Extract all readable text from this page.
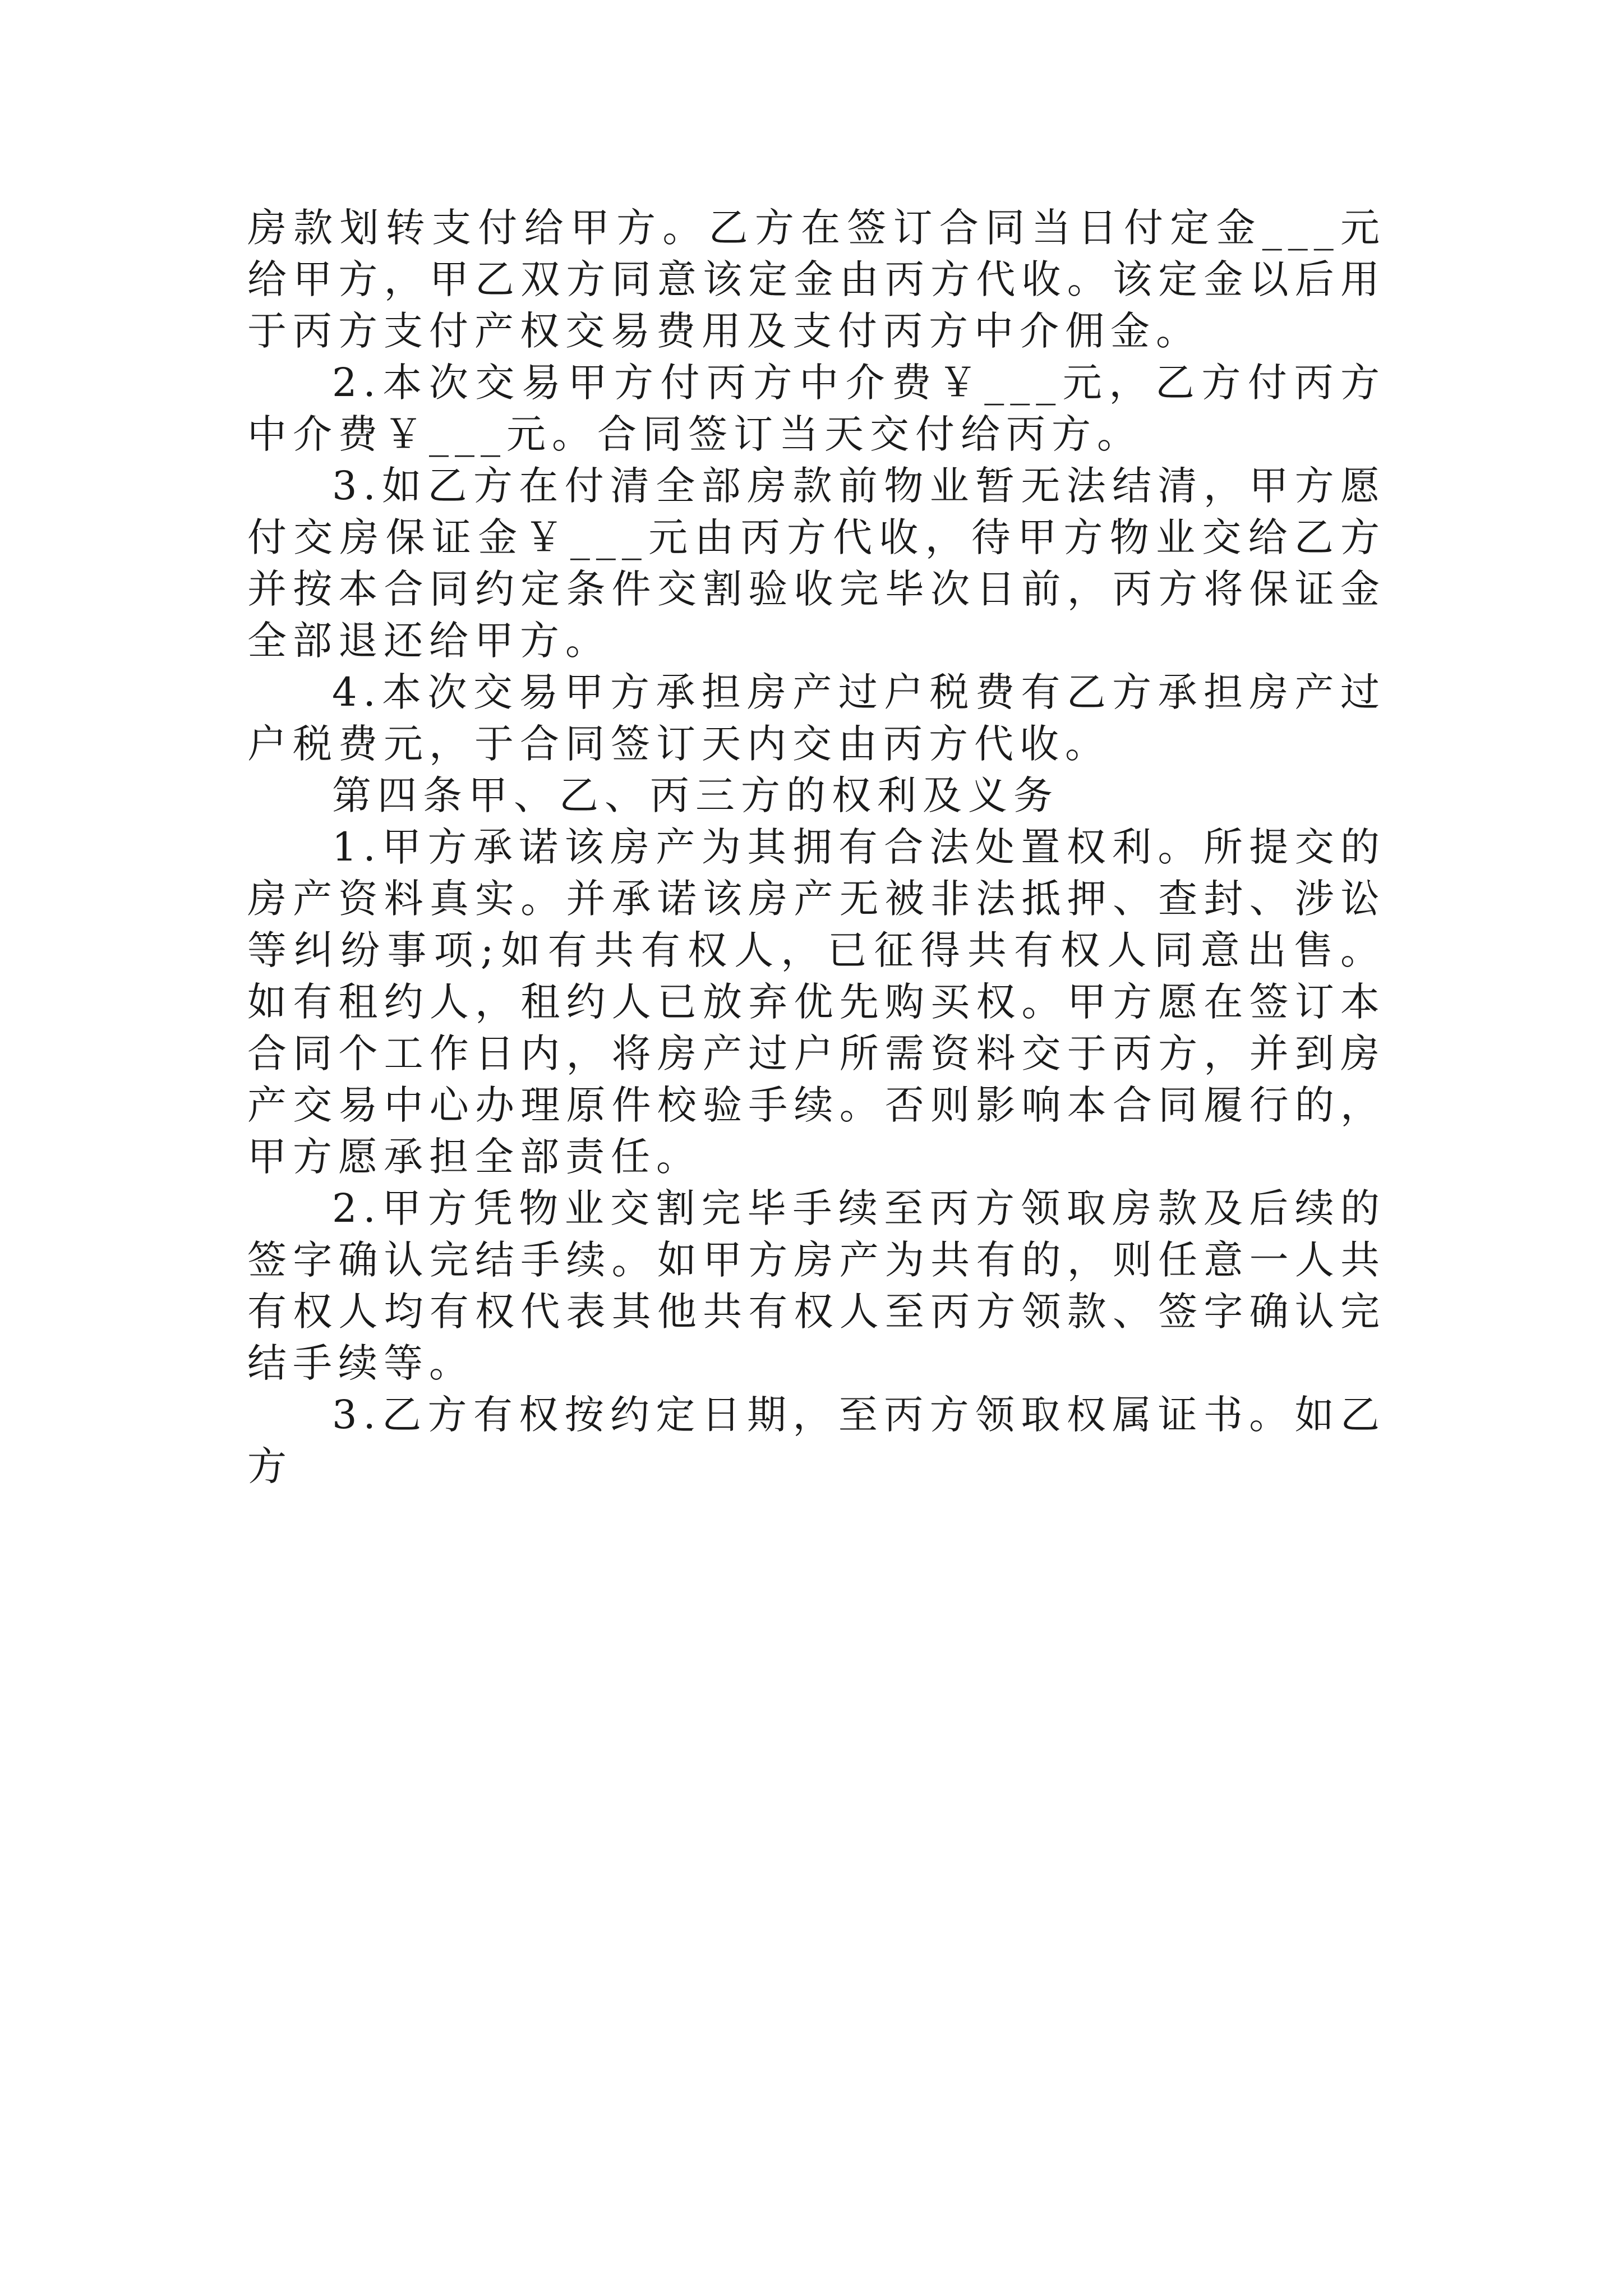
房款划转支付给甲方。乙方在签订合同当日付定金___元给甲方，甲乙双方同意该定金由丙方代收。该定金以后用于丙方支付产权交易费用及支付丙方中介佣金。

2.本次交易甲方付丙方中介费￥___元，乙方付丙方中介费￥___元。合同签订当天交付给丙方。

3.如乙方在付清全部房款前物业暂无法结清，甲方愿付交房保证金￥___元由丙方代收，待甲方物业交给乙方并按本合同约定条件交割验收完毕次日前，丙方将保证金全部退还给甲方。

4.本次交易甲方承担房产过户税费有乙方承担房产过户税费元，于合同签订天内交由丙方代收。

第四条甲、乙、丙三方的权利及义务

1.甲方承诺该房产为其拥有合法处置权利。所提交的房产资料真实。并承诺该房产无被非法抵押、查封、涉讼等纠纷事项;如有共有权人，已征得共有权人同意出售。如有租约人，租约人已放弃优先购买权。甲方愿在签订本合同个工作日内，将房产过户所需资料交于丙方，并到房产交易中心办理原件校验手续。否则影响本合同履行的，甲方愿承担全部责任。

2.甲方凭物业交割完毕手续至丙方领取房款及后续的签字确认完结手续。如甲方房产为共有的，则任意一人共有权人均有权代表其他共有权人至丙方领款、签字确认完结手续等。

3.乙方有权按约定日期，至丙方领取权属证书。如乙方
